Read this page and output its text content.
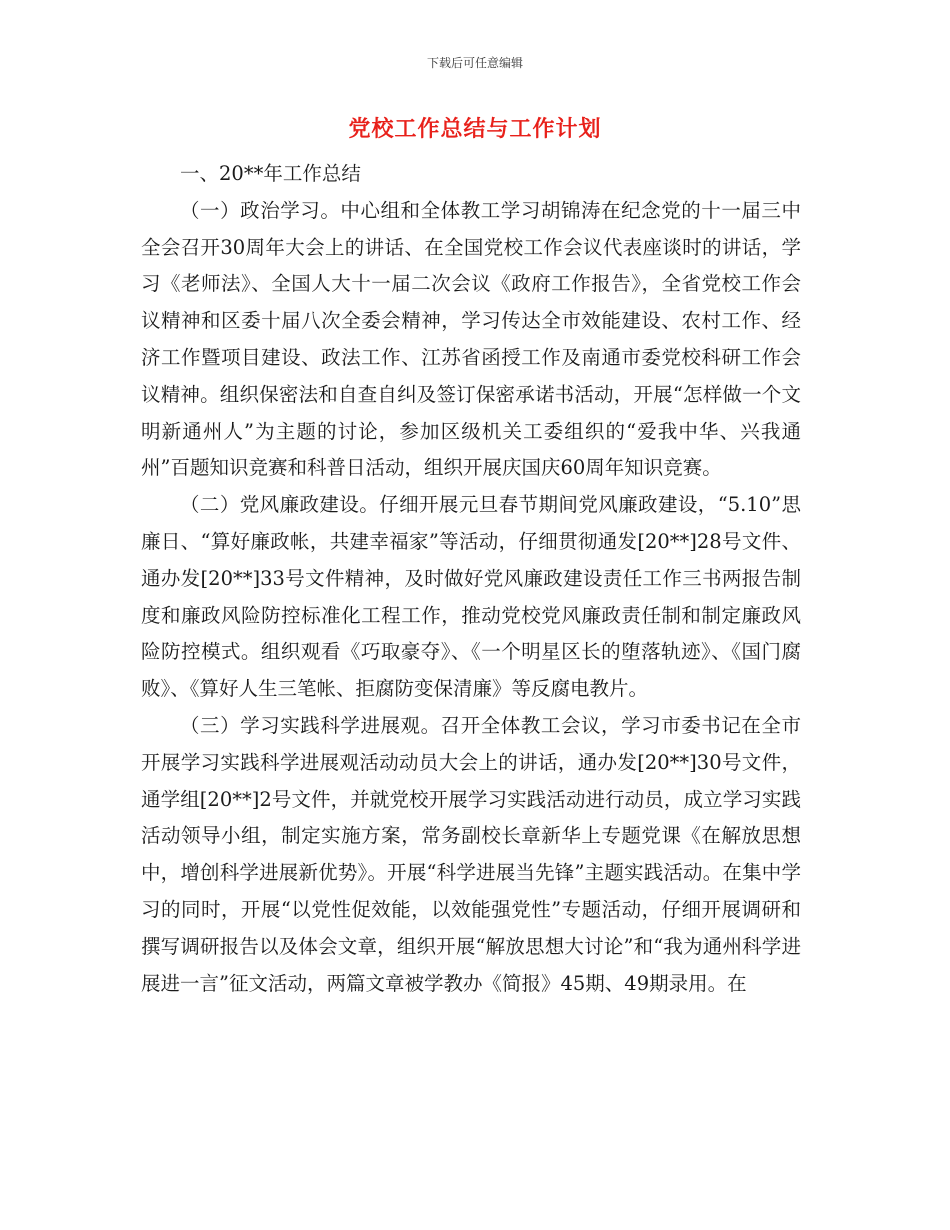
下载后可任意编辑
党校工作总结与工作计划

一、20**年工作总结

（一）政治学习。中心组和全体教工学习胡锦涛在纪念党的十一届三中全会召开30周年大会上的讲话、在全国党校工作会议代表座谈时的讲话，学习《老师法》、全国人大十一届二次会议《政府工作报告》，全省党校工作会议精神和区委十届八次全委会精神，学习传达全市效能建设、农村工作、经济工作暨项目建设、政法工作、江苏省函授工作及南通市委党校科研工作会议精神。组织保密法和自查自纠及签订保密承诺书活动，开展“怎样做一个文明新通州人”为主题的讨论，参加区级机关工委组织的“爱我中华、兴我通州”百题知识竞赛和科普日活动，组织开展庆国庆60周年知识竞赛。

（二）党风廉政建设。仔细开展元旦春节期间党风廉政建设，“5.10”思廉日、“算好廉政帐，共建幸福家”等活动，仔细贯彻通发[20**]28号文件、通办发[20**]33号文件精神，及时做好党风廉政建设责任工作三书两报告制度和廉政风险防控标准化工程工作，推动党校党风廉政责任制和制定廉政风险防控模式。组织观看《巧取豪夺》、《一个明星区长的堕落轨迹》、《国门腐败》、《算好人生三笔帐、拒腐防变保清廉》等反腐电教片。

（三）学习实践科学进展观。召开全体教工会议，学习市委书记在全市开展学习实践科学进展观活动动员大会上的讲话，通办发[20**]30号文件，通学组[20**]2号文件，并就党校开展学习实践活动进行动员，成立学习实践活动领导小组，制定实施方案，常务副校长章新华上专题党课《在解放思想中，增创科学进展新优势》。开展“科学进展当先锋”主题实践活动。在集中学习的同时，开展“以党性促效能，以效能强党性”专题活动，仔细开展调研和撰写调研报告以及体会文章，组织开展“解放思想大讨论”和“我为通州科学进展进一言”征文活动，两篇文章被学教办《简报》45期、49期录用。在
